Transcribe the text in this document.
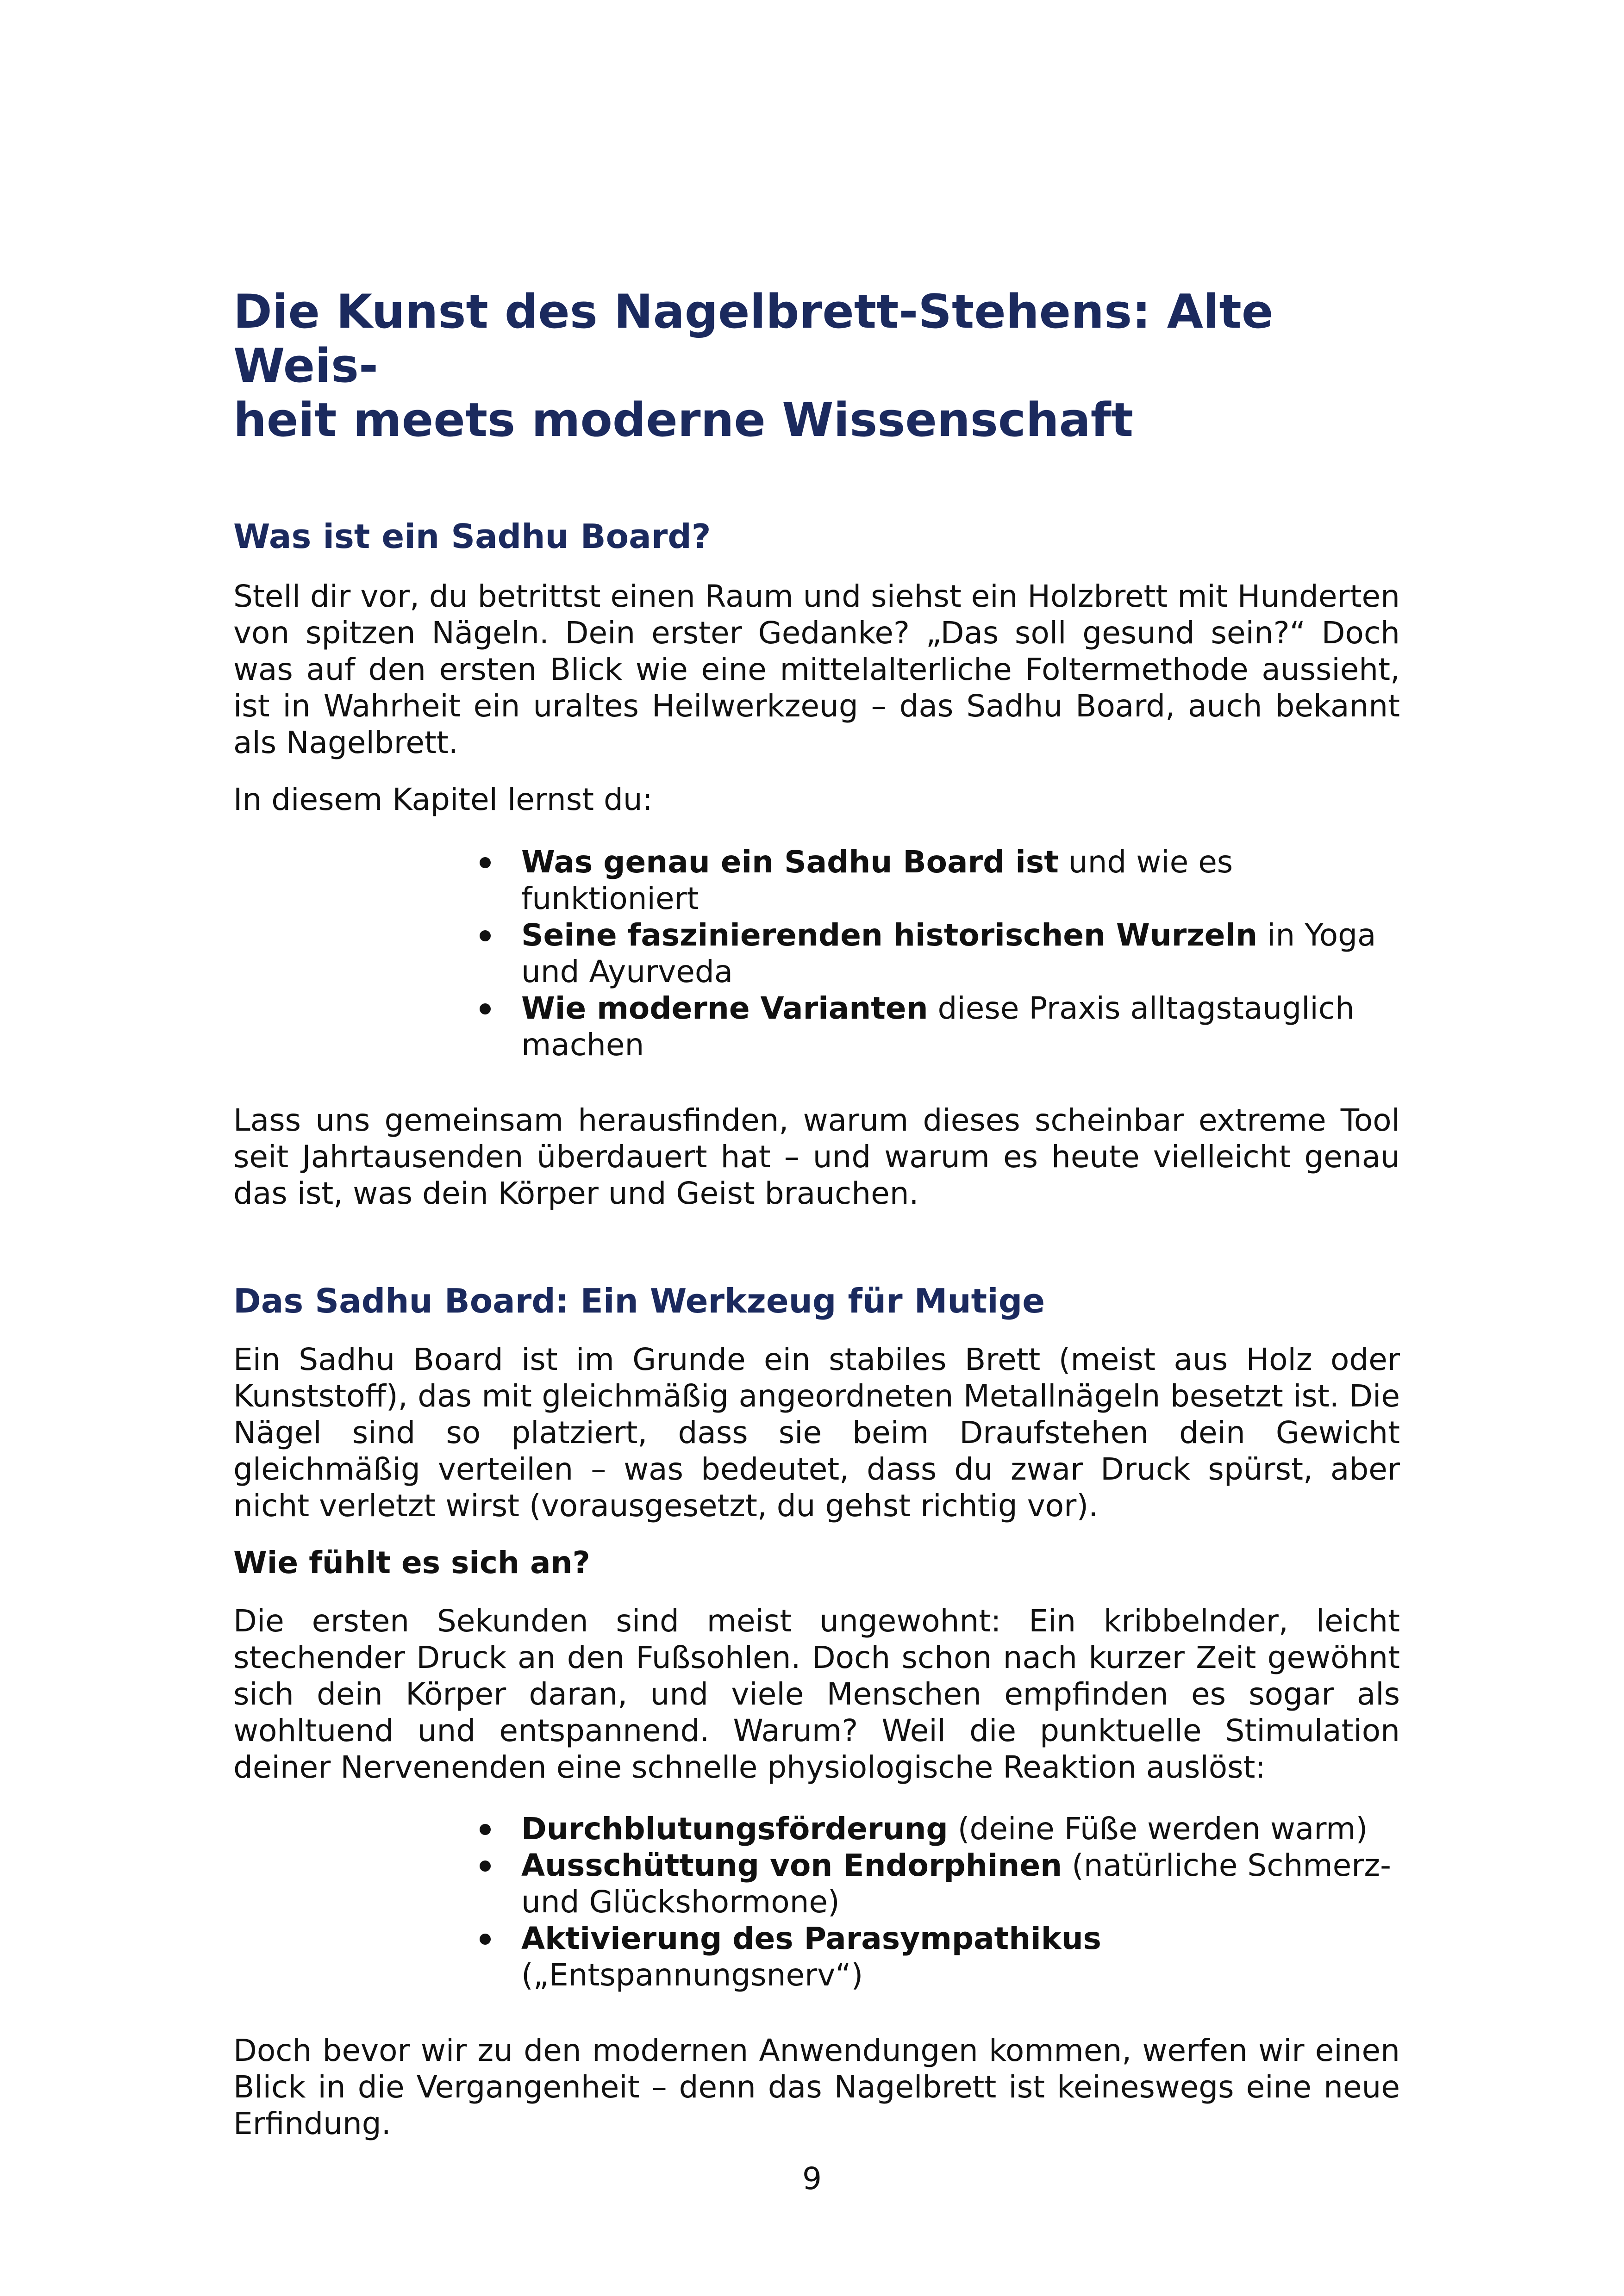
Die Kunst des Nagelbrett-Stehens: Alte Weis-
heit meets moderne Wissenschaft
Was ist ein Sadhu Board?

Stell dir vor, du betrittst einen Raum und siehst ein Holzbrett mit Hunderten von spitzen Nägeln. Dein erster Gedanke? „Das soll gesund sein?“ Doch was auf den ersten Blick wie eine mittelalterliche Foltermethode aussieht, ist in Wahrheit ein uraltes Heilwerkzeug – das Sadhu Board, auch bekannt als Nagelbrett.

In diesem Kapitel lernst du:

Was genau ein Sadhu Board ist und wie es funktioniert
Seine faszinierenden historischen Wurzeln in Yoga und Ayurveda
Wie moderne Varianten diese Praxis alltagstauglich machen

Lass uns gemeinsam herausfinden, warum dieses scheinbar extreme Tool seit Jahrtausenden überdauert hat – und warum es heute vielleicht genau das ist, was dein Körper und Geist brauchen.

Das Sadhu Board: Ein Werkzeug für Mutige

Ein Sadhu Board ist im Grunde ein stabiles Brett (meist aus Holz oder Kunststoff), das mit gleichmäßig angeordneten Metallnägeln besetzt ist. Die Nägel sind so platziert, dass sie beim Draufstehen dein Gewicht gleichmäßig verteilen – was bedeutet, dass du zwar Druck spürst, aber nicht verletzt wirst (vorausgesetzt, du gehst richtig vor).

Wie fühlt es sich an?

Die ersten Sekunden sind meist ungewohnt: Ein kribbelnder, leicht stechender Druck an den Fußsohlen. Doch schon nach kurzer Zeit gewöhnt sich dein Körper daran, und viele Menschen empfinden es sogar als wohltuend und entspannend. Warum? Weil die punktuelle Stimulation deiner Nervenenden eine schnelle physiologische Reaktion auslöst:

Durchblutungsförderung (deine Füße werden warm)
Ausschüttung von Endorphinen (natürliche Schmerz- und Glückshormone)
Aktivierung des Parasympathikus („Entspannungsnerv“)

Doch bevor wir zu den modernen Anwendungen kommen, werfen wir einen Blick in die Vergangenheit – denn das Nagelbrett ist keineswegs eine neue Erfindung.

9
